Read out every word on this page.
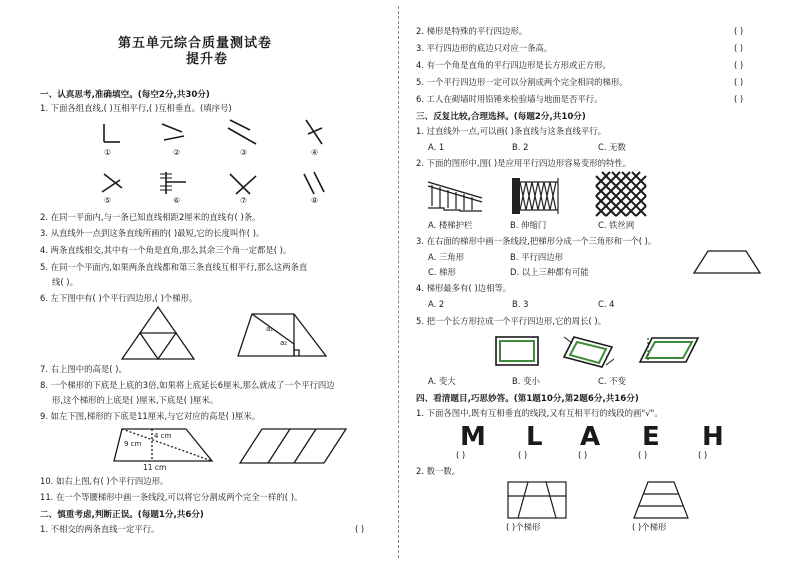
第五单元综合质量测试卷
提升卷
一、认真思考,准确填空。(每空2分,共30分)
1. 下面各组直线,( )互相平行,( )互相垂直。(填序号)
①	②	③	④
⑤	⑥	⑦	⑧
2. 在同一平面内,与一条已知直线相距2厘米的直线有( )条。
3. 从直线外一点到这条直线所画的( )最短,它的长度叫作( )。
4. 两条直线相交,其中有一个角是直角,那么其余三个角一定都是( )。
5. 在同一个平面内,如果两条直线都和第三条直线互相平行,那么这两条直
线( )。
6. 左下图中有( )个平行四边形,( )个梯形。
a₁
a₂
7. 右上图中的高是( )。
8. 一个梯形的下底是上底的3倍,如果将上底延长6厘米,那么就成了一个平行四边
形,这个梯形的上底是( )厘米,下底是( )厘米。
9. 如左下图,梯形的下底是11厘米,与它对应的高是( )厘米。
4 cm
9 cm
11 cm
10. 如右上图,有( )个平行四边形。
11. 在一个等腰梯形中画一条线段,可以将它分割成两个完全一样的( )。
二、慎重考虑,判断正误。(每题1分,共6分)
1. 不相交的两条直线一定平行。	( )
2. 梯形是特殊的平行四边形。	( )
3. 平行四边形的底边只对应一条高。	( )
4. 有一个角是直角的平行四边形是长方形或正方形。	( )
5. 一个平行四边形一定可以分割成两个完全相同的梯形。	( )
6. 工人在砌墙时用铅锤来检验墙与地面是否平行。	( )
三、反复比较,合理选择。(每题2分,共10分)
1. 过直线外一点,可以画( )条直线与这条直线平行。
A. 1	B. 2	C. 无数
2. 下面的图形中,图( )是应用平行四边形容易变形的特性。
A. 楼梯护栏	B. 伸缩门	C. 铁丝网
3. 在右面的梯形中画一条线段,把梯形分成一个三角形和一个( )。
A. 三角形	B. 平行四边形
C. 梯形	D. 以上三种都有可能
4. 梯形最多有( )边相等。
A. 2	B. 3	C. 4
5. 把一个长方形拉成一个平行四边形,它的周长( )。
A. 变大	B. 变小	C. 不变
四、看清题目,巧思妙答。(第1题10分,第2题6分,共16分)
1. 下面各图中,既有互相垂直的线段,又有互相平行的线段的画"√"。
M L A E H
( )	( )	( )	( )	( )
2. 数一数。
( )个梯形	( )个梯形
